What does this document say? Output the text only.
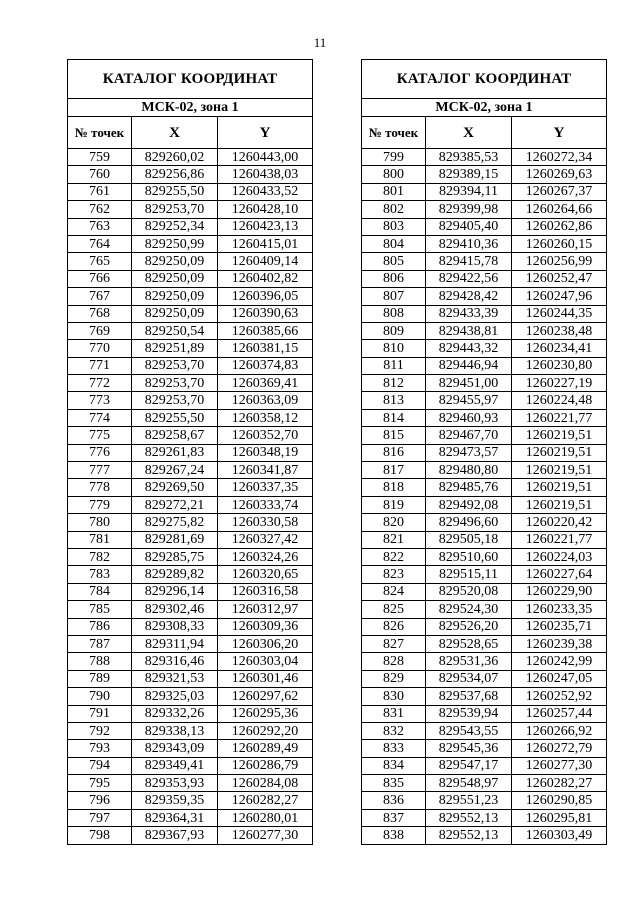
11
КАТАЛОГ КООРДИНАТ		
МСК-02, зона 1		
№ точек	X	Y
759	829260,02	1260443,00
760	829256,86	1260438,03
761	829255,50	1260433,52
762	829253,70	1260428,10
763	829252,34	1260423,13
764	829250,99	1260415,01
765	829250,09	1260409,14
766	829250,09	1260402,82
767	829250,09	1260396,05
768	829250,09	1260390,63
769	829250,54	1260385,66
770	829251,89	1260381,15
771	829253,70	1260374,83
772	829253,70	1260369,41
773	829253,70	1260363,09
774	829255,50	1260358,12
775	829258,67	1260352,70
776	829261,83	1260348,19
777	829267,24	1260341,87
778	829269,50	1260337,35
779	829272,21	1260333,74
780	829275,82	1260330,58
781	829281,69	1260327,42
782	829285,75	1260324,26
783	829289,82	1260320,65
784	829296,14	1260316,58
785	829302,46	1260312,97
786	829308,33	1260309,36
787	829311,94	1260306,20
788	829316,46	1260303,04
789	829321,53	1260301,46
790	829325,03	1260297,62
791	829332,26	1260295,36
792	829338,13	1260292,20
793	829343,09	1260289,49
794	829349,41	1260286,79
795	829353,93	1260284,08
796	829359,35	1260282,27
797	829364,31	1260280,01
798	829367,93	1260277,30
КАТАЛОГ КООРДИНАТ		
МСК-02, зона 1		
№ точек	X	Y
799	829385,53	1260272,34
800	829389,15	1260269,63
801	829394,11	1260267,37
802	829399,98	1260264,66
803	829405,40	1260262,86
804	829410,36	1260260,15
805	829415,78	1260256,99
806	829422,56	1260252,47
807	829428,42	1260247,96
808	829433,39	1260244,35
809	829438,81	1260238,48
810	829443,32	1260234,41
811	829446,94	1260230,80
812	829451,00	1260227,19
813	829455,97	1260224,48
814	829460,93	1260221,77
815	829467,70	1260219,51
816	829473,57	1260219,51
817	829480,80	1260219,51
818	829485,76	1260219,51
819	829492,08	1260219,51
820	829496,60	1260220,42
821	829505,18	1260221,77
822	829510,60	1260224,03
823	829515,11	1260227,64
824	829520,08	1260229,90
825	829524,30	1260233,35
826	829526,20	1260235,71
827	829528,65	1260239,38
828	829531,36	1260242,99
829	829534,07	1260247,05
830	829537,68	1260252,92
831	829539,94	1260257,44
832	829543,55	1260266,92
833	829545,36	1260272,79
834	829547,17	1260277,30
835	829548,97	1260282,27
836	829551,23	1260290,85
837	829552,13	1260295,81
838	829552,13	1260303,49
